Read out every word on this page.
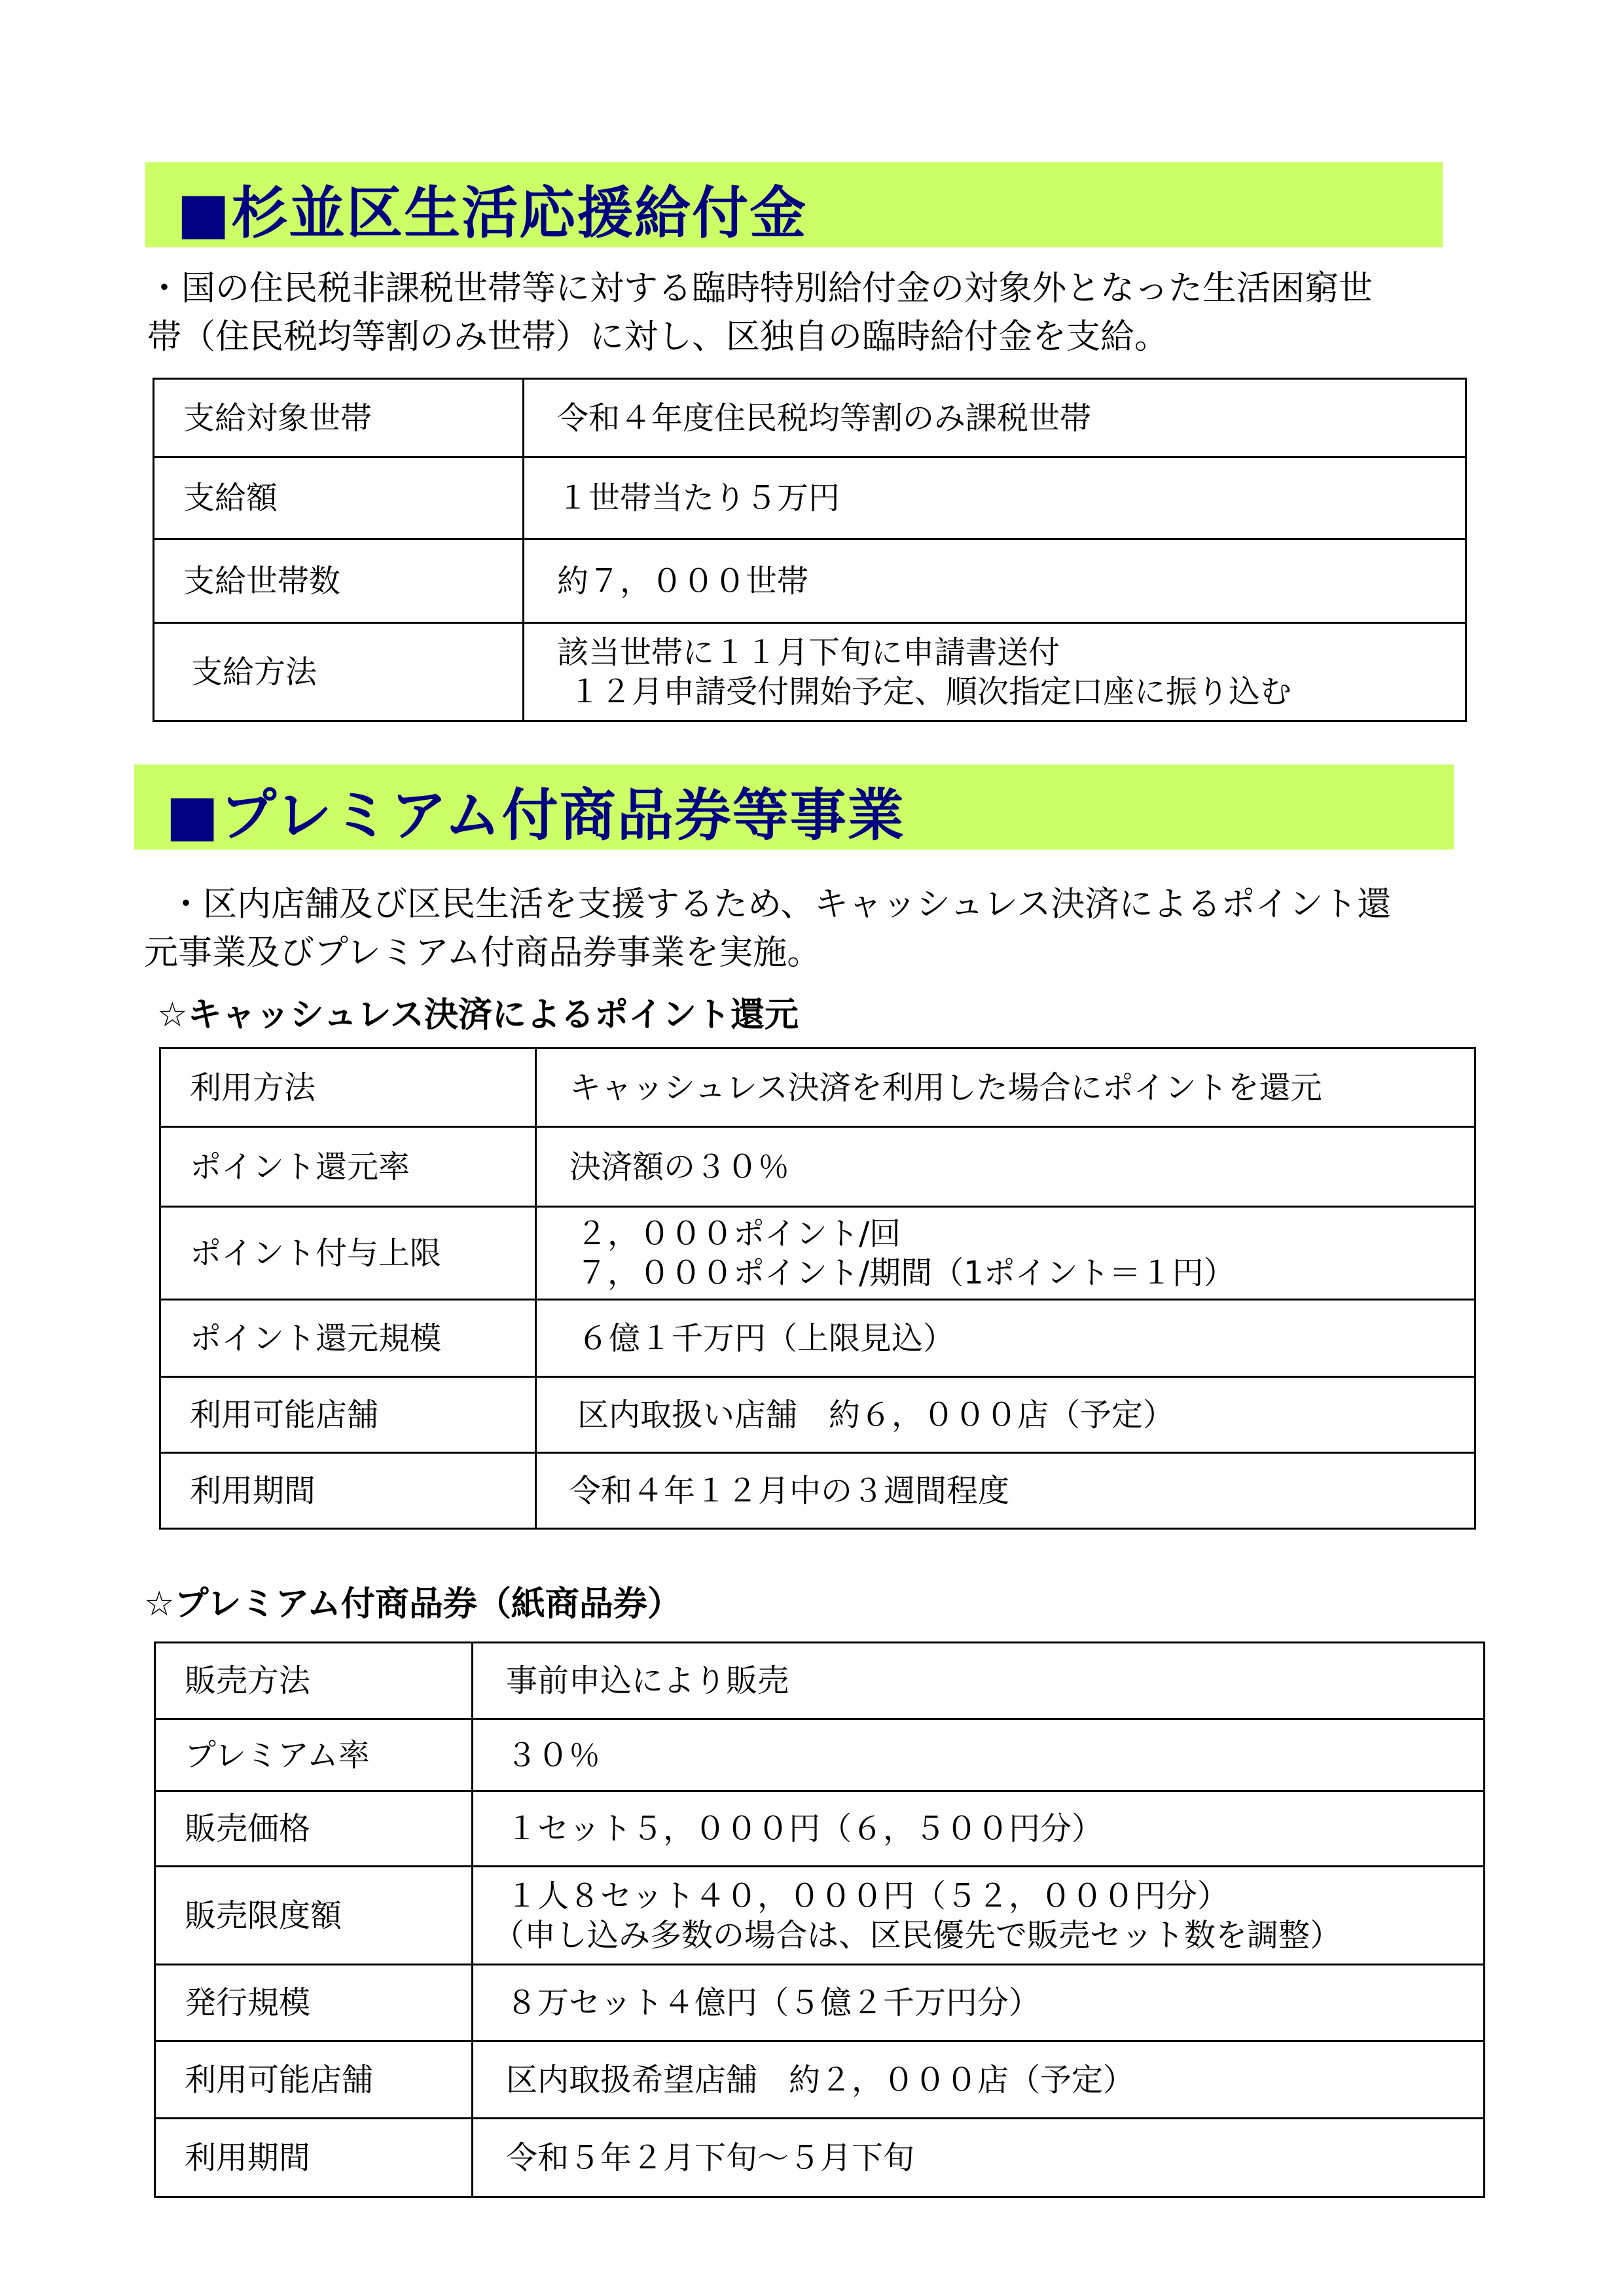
■杉並区生活応援給付金
・国の住民税非課税世帯等に対する臨時特別給付金の対象外となった生活困窮世
帯（住民税均等割のみ世帯）に対し、区独自の臨時給付金を支給。
支給対象世帯	令和４年度住民税均等割のみ課税世帯
支給額	１世帯当たり５万円
支給世帯数	約７，０００世帯
支給方法	該当世帯に１１月下旬に申請書送付
１２月申請受付開始予定、順次指定口座に振り込む
■プレミアム付商品券等事業
・区内店舗及び区民生活を支援するため、キャッシュレス決済によるポイント還
元事業及びプレミアム付商品券事業を実施。
☆キャッシュレス決済によるポイント還元
利用方法	キャッシュレス決済を利用した場合にポイントを還元
ポイント還元率	決済額の３０％
ポイント付与上限	２，０００ポイント/回
７，０００ポイント/期間（1ポイント＝１円）

ポイント還元規模	６億１千万円（上限見込）
利用可能店舗	区内取扱い店舗　約６，０００店（予定）
利用期間	令和４年１２月中の３週間程度
☆プレミアム付商品券（紙商品券）
販売方法	事前申込により販売
プレミアム率	３０％
販売価格	１セット５，０００円（６，５００円分）
販売限度額	１人８セット４０，０００円（５２，０００円分）
（申し込み多数の場合は、区民優先で販売セット数を調整）

発行規模	８万セット４億円（５億２千万円分）
利用可能店舗	区内取扱希望店舗　約２，０００店（予定）
利用期間	令和５年２月下旬～５月下旬
